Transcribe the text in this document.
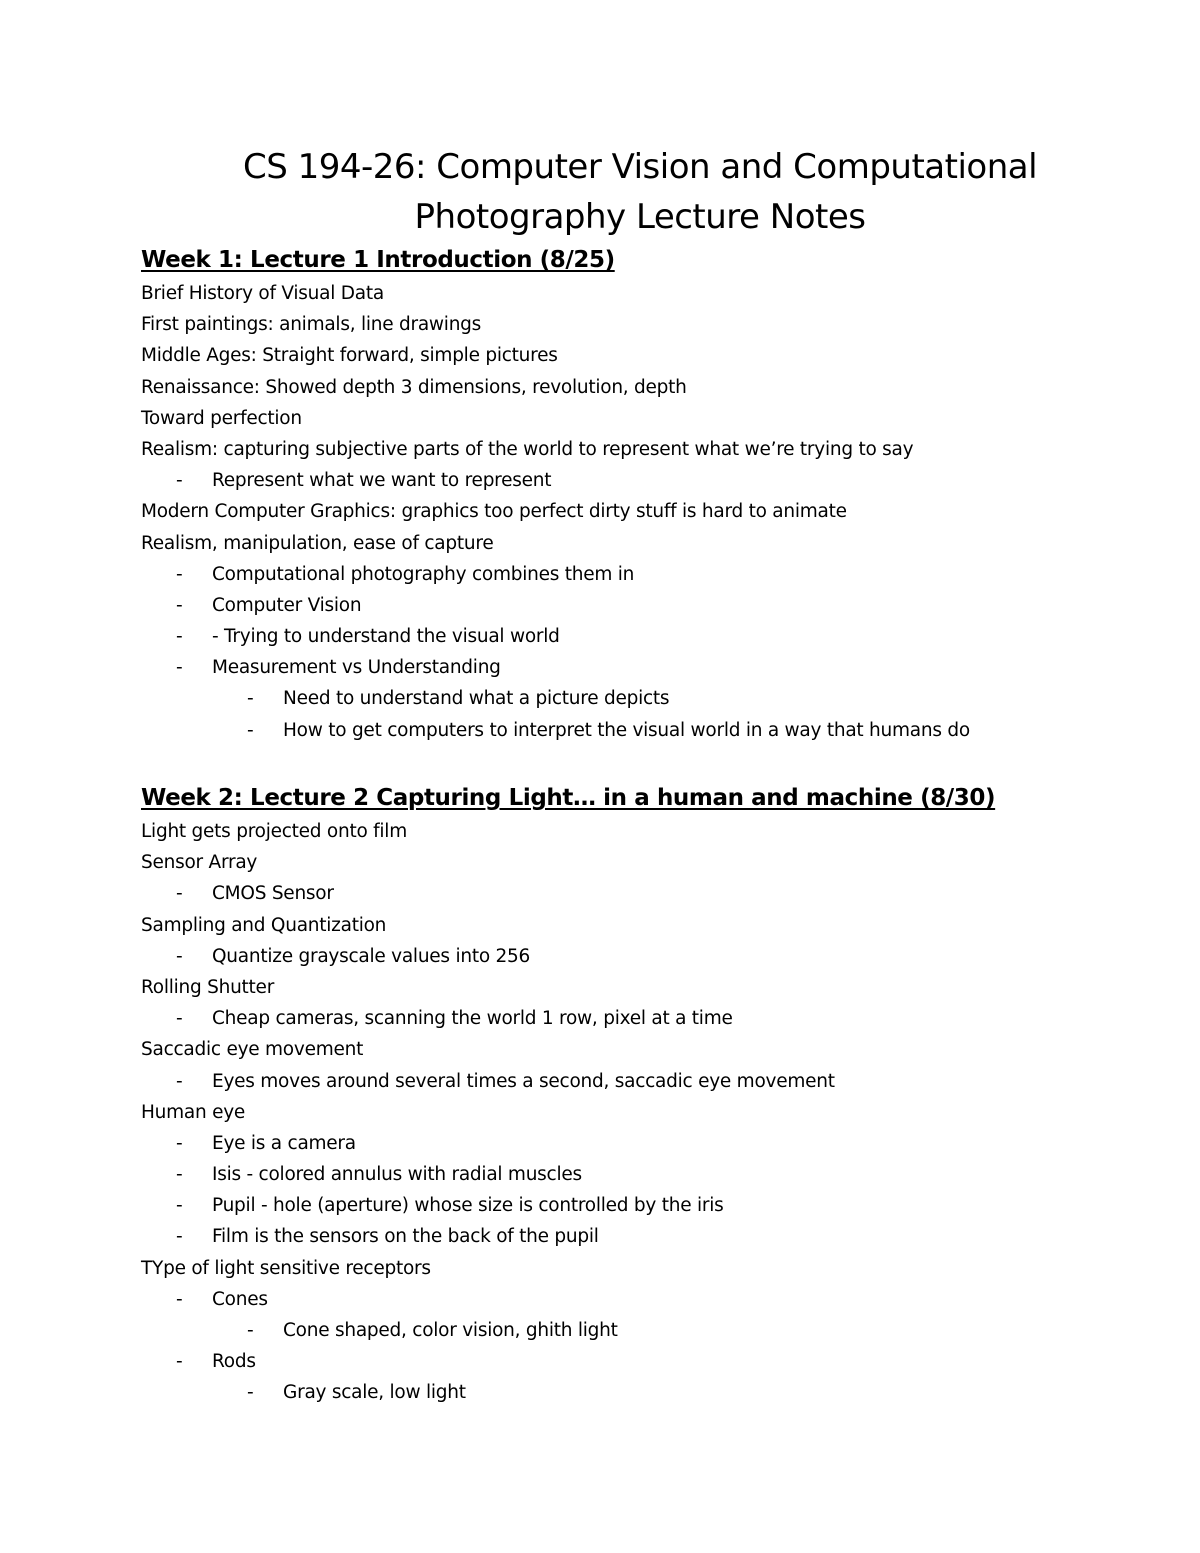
CS 194-26: Computer Vision and Computational
Photography Lecture Notes
Week 1: Lecture 1 Introduction (8/25)
Brief History of Visual Data
First paintings: animals, line drawings
Middle Ages: Straight forward, simple pictures
Renaissance: Showed depth 3 dimensions, revolution, depth
Toward perfection
Realism: capturing subjective parts of the world to represent what we’re trying to say
-	Represent what we want to represent
Modern Computer Graphics: graphics too perfect dirty stuff is hard to animate
Realism, manipulation, ease of capture
-	Computational photography combines them in
-	Computer Vision
-	- Trying to understand the visual world
-	Measurement vs Understanding
-	Need to understand what a picture depicts
-	How to get computers to interpret the visual world in a way that humans do
Week 2: Lecture 2 Capturing Light… in a human and machine (8/30)
Light gets projected onto film
Sensor Array
-	CMOS Sensor
Sampling and Quantization
-	Quantize grayscale values into 256
Rolling Shutter
-	Cheap cameras, scanning the world 1 row, pixel at a time
Saccadic eye movement
-	Eyes moves around several times a second, saccadic eye movement
Human eye
-	Eye is a camera
-	Isis - colored annulus with radial muscles
-	Pupil - hole (aperture) whose size is controlled by the iris
-	Film is the sensors on the back of the pupil
TYpe of light sensitive receptors
-	Cones
-	Cone shaped, color vision, ghith light
-	Rods
-	Gray scale, low light
